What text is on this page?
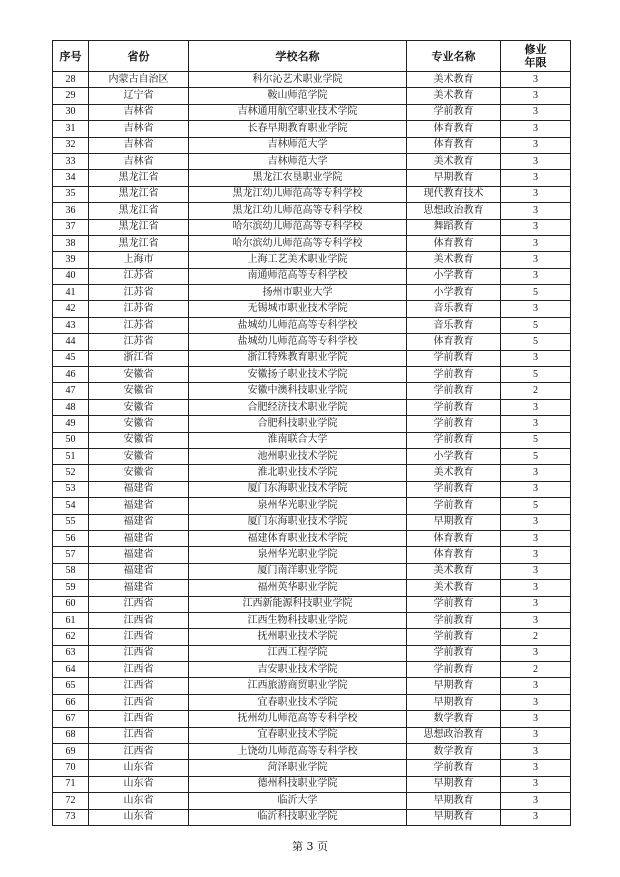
序号	省份	学校名称	专业名称	修业
年限
28	内蒙古自治区	科尔沁艺术职业学院	美术教育	3
29	辽宁省	鞍山师范学院	美术教育	3
30	吉林省	吉林通用航空职业技术学院	学前教育	3
31	吉林省	长春早期教育职业学院	体育教育	3
32	吉林省	吉林师范大学	体育教育	3
33	吉林省	吉林师范大学	美术教育	3
34	黑龙江省	黑龙江农垦职业学院	早期教育	3
35	黑龙江省	黑龙江幼儿师范高等专科学校	现代教育技术	3
36	黑龙江省	黑龙江幼儿师范高等专科学校	思想政治教育	3
37	黑龙江省	哈尔滨幼儿师范高等专科学校	舞蹈教育	3
38	黑龙江省	哈尔滨幼儿师范高等专科学校	体育教育	3
39	上海市	上海工艺美术职业学院	美术教育	3
40	江苏省	南通师范高等专科学校	小学教育	3
41	江苏省	扬州市职业大学	小学教育	5
42	江苏省	无锡城市职业技术学院	音乐教育	3
43	江苏省	盐城幼儿师范高等专科学校	音乐教育	5
44	江苏省	盐城幼儿师范高等专科学校	体育教育	5
45	浙江省	浙江特殊教育职业学院	学前教育	3
46	安徽省	安徽扬子职业技术学院	学前教育	5
47	安徽省	安徽中澳科技职业学院	学前教育	2
48	安徽省	合肥经济技术职业学院	学前教育	3
49	安徽省	合肥科技职业学院	学前教育	3
50	安徽省	淮南联合大学	学前教育	5
51	安徽省	池州职业技术学院	小学教育	5
52	安徽省	淮北职业技术学院	美术教育	3
53	福建省	厦门东海职业技术学院	学前教育	3
54	福建省	泉州华光职业学院	学前教育	5
55	福建省	厦门东海职业技术学院	早期教育	3
56	福建省	福建体育职业技术学院	体育教育	3
57	福建省	泉州华光职业学院	体育教育	3
58	福建省	厦门南洋职业学院	美术教育	3
59	福建省	福州英华职业学院	美术教育	3
60	江西省	江西新能源科技职业学院	学前教育	3
61	江西省	江西生物科技职业学院	学前教育	3
62	江西省	抚州职业技术学院	学前教育	2
63	江西省	江西工程学院	学前教育	3
64	江西省	吉安职业技术学院	学前教育	2
65	江西省	江西旅游商贸职业学院	早期教育	3
66	江西省	宜春职业技术学院	早期教育	3
67	江西省	抚州幼儿师范高等专科学校	数学教育	3
68	江西省	宜春职业技术学院	思想政治教育	3
69	江西省	上饶幼儿师范高等专科学校	数学教育	3
70	山东省	菏泽职业学院	学前教育	3
71	山东省	德州科技职业学院	早期教育	3
72	山东省	临沂大学	早期教育	3
73	山东省	临沂科技职业学院	早期教育	3
第 3 页
